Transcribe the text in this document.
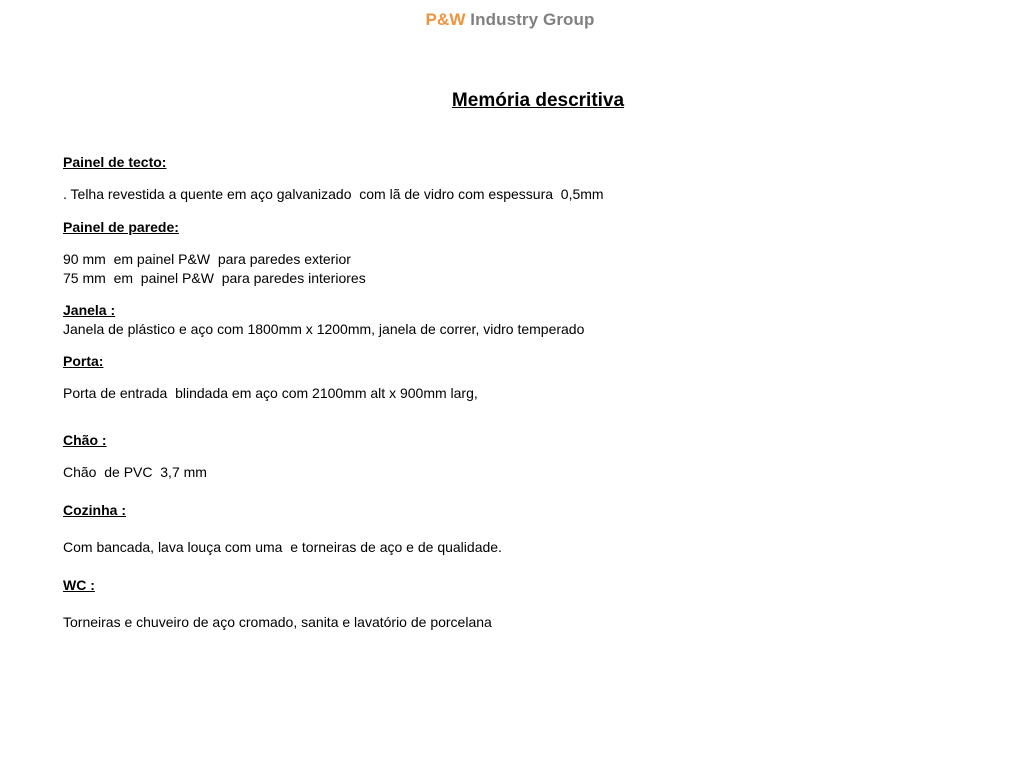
P&W Industry Group
Memória descritiva
Painel de tecto:
. Telha revestida a quente em aço galvanizado  com lã de vidro com espessura  0,5mm
Painel de parede:
90 mm  em painel P&W  para paredes exterior
75 mm  em  painel P&W  para paredes interiores
Janela :
Janela de plástico e aço com 1800mm x 1200mm, janela de correr, vidro temperado
Porta:
Porta de entrada  blindada em aço com 2100mm alt x 900mm larg,
Chão :
Chão  de PVC  3,7 mm
Cozinha :
Com bancada, lava louça com uma  e torneiras de aço e de qualidade.
WC :
Torneiras e chuveiro de aço cromado, sanita e lavatório de porcelana
